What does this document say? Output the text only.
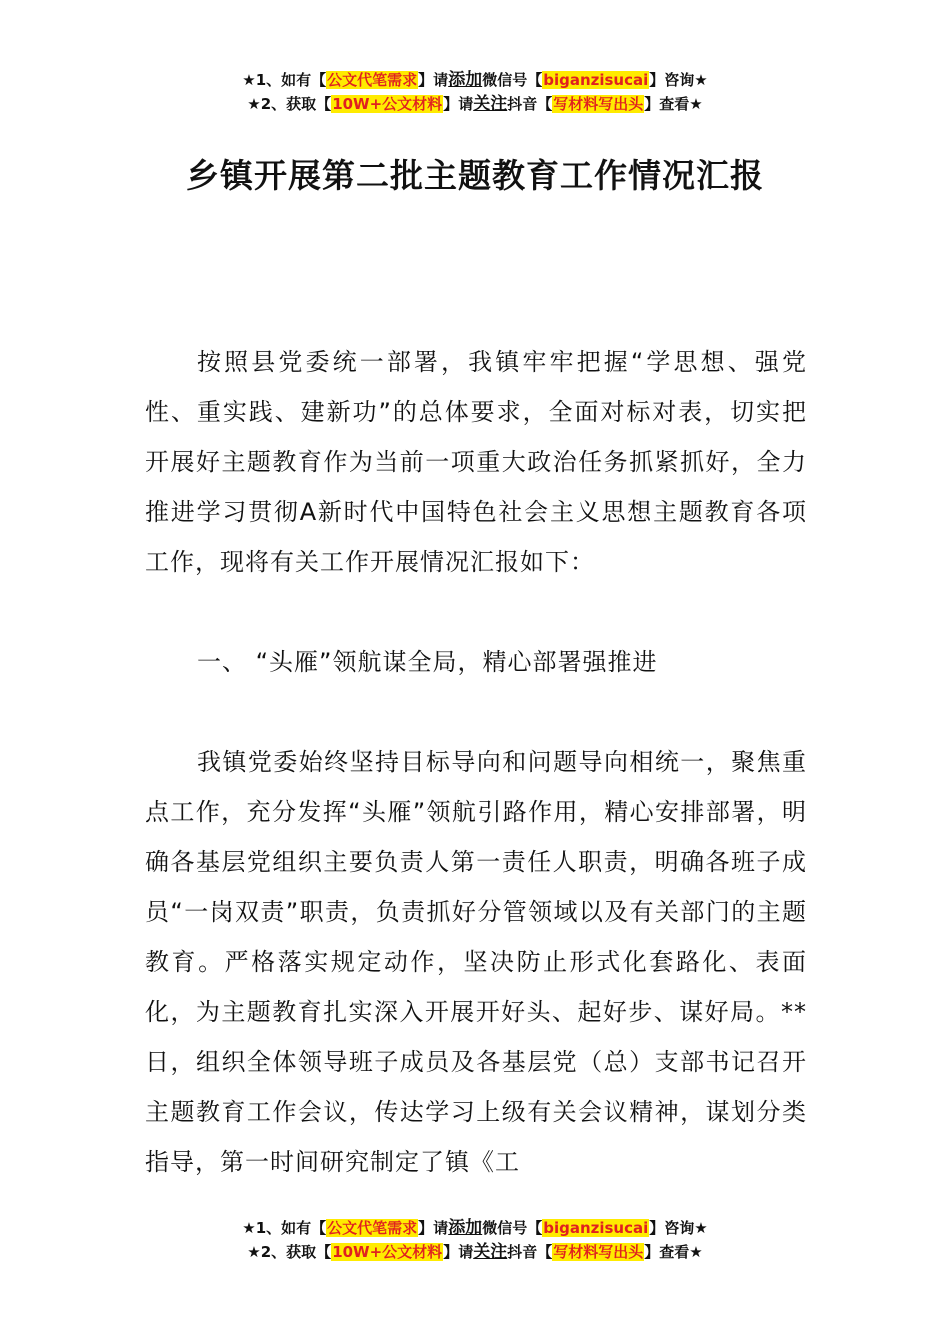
★1、如有【公文代笔需求】请添加微信号【biganzisucai】咨询★
★2、获取【10W+公文材料】请关注抖音【写材料写出头】查看★
乡镇开展第二批主题教育工作情况汇报

按照县党委统一部署，我镇牢牢把握“学思想、强党性、重实践、建新功”的总体要求，全面对标对表，切实把开展好主题教育作为当前一项重大政治任务抓紧抓好，全力推进学习贯彻A新时代中国特色社会主义思想主题教育各项工作，现将有关工作开展情况汇报如下：

一、 “头雁”领航谋全局，精心部署强推进

我镇党委始终坚持目标导向和问题导向相统一，聚焦重点工作，充分发挥“头雁”领航引路作用，精心安排部署，明确各基层党组织主要负责人第一责任人职责，明确各班子成员“一岗双责”职责，负责抓好分管领域以及有关部门的主题教育。严格落实规定动作，坚决防止形式化套路化、表面化，为主题教育扎实深入开展开好头、起好步、谋好局。**日，组织全体领导班子成员及各基层党（总）支部书记召开主题教育工作会议，传达学习上级有关会议精神，谋划分类指导，第一时间研究制定了镇《工

★1、如有【公文代笔需求】请添加微信号【biganzisucai】咨询★
★2、获取【10W+公文材料】请关注抖音【写材料写出头】查看★
